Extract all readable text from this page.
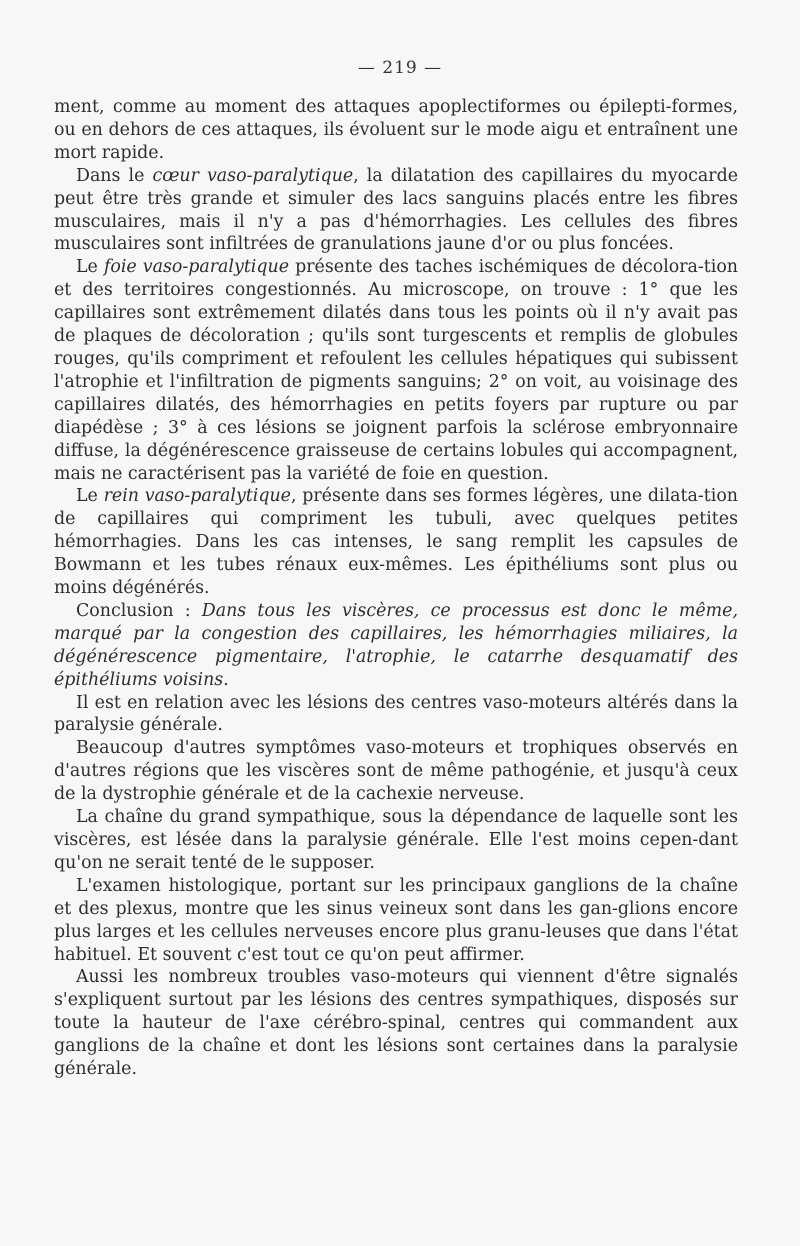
— 219 —

ment, comme au moment des attaques apoplectiformes ou épilepti-formes, ou en dehors de ces attaques, ils évoluent sur le mode aigu et entraînent une mort rapide.

Dans le cœur vaso-paralytique, la dilatation des capillaires du myocarde peut être très grande et simuler des lacs sanguins placés entre les fibres musculaires, mais il n'y a pas d'hémorrhagies. Les cellules des fibres musculaires sont infiltrées de granulations jaune d'or ou plus foncées.

Le foie vaso-paralytique présente des taches ischémiques de décolora-tion et des territoires congestionnés. Au microscope, on trouve : 1° que les capillaires sont extrêmement dilatés dans tous les points où il n'y avait pas de plaques de décoloration ; qu'ils sont turgescents et remplis de globules rouges, qu'ils compriment et refoulent les cellules hépatiques qui subissent l'atrophie et l'infiltration de pigments sanguins; 2° on voit, au voisinage des capillaires dilatés, des hémorrhagies en petits foyers par rupture ou par diapédèse ; 3° à ces lésions se joignent parfois la sclérose embryonnaire diffuse, la dégénérescence graisseuse de certains lobules qui accompagnent, mais ne caractérisent pas la variété de foie en question.

Le rein vaso-paralytique, présente dans ses formes légères, une dilata-tion de capillaires qui compriment les tubuli, avec quelques petites hémorrhagies. Dans les cas intenses, le sang remplit les capsules de Bowmann et les tubes rénaux eux-mêmes. Les épithéliums sont plus ou moins dégénérés.

Conclusion : Dans tous les viscères, ce processus est donc le même, marqué par la congestion des capillaires, les hémorrhagies miliaires, la dégénérescence pigmentaire, l'atrophie, le catarrhe desquamatif des épithéliums voisins.

Il est en relation avec les lésions des centres vaso-moteurs altérés dans la paralysie générale.

Beaucoup d'autres symptômes vaso-moteurs et trophiques observés en d'autres régions que les viscères sont de même pathogénie, et jusqu'à ceux de la dystrophie générale et de la cachexie nerveuse.

La chaîne du grand sympathique, sous la dépendance de laquelle sont les viscères, est lésée dans la paralysie générale. Elle l'est moins cepen-dant qu'on ne serait tenté de le supposer.

L'examen histologique, portant sur les principaux ganglions de la chaîne et des plexus, montre que les sinus veineux sont dans les gan-glions encore plus larges et les cellules nerveuses encore plus granu-leuses que dans l'état habituel. Et souvent c'est tout ce qu'on peut affirmer.

Aussi les nombreux troubles vaso-moteurs qui viennent d'être signalés s'expliquent surtout par les lésions des centres sympathiques, disposés sur toute la hauteur de l'axe cérébro-spinal, centres qui commandent aux ganglions de la chaîne et dont les lésions sont certaines dans la paralysie générale.
